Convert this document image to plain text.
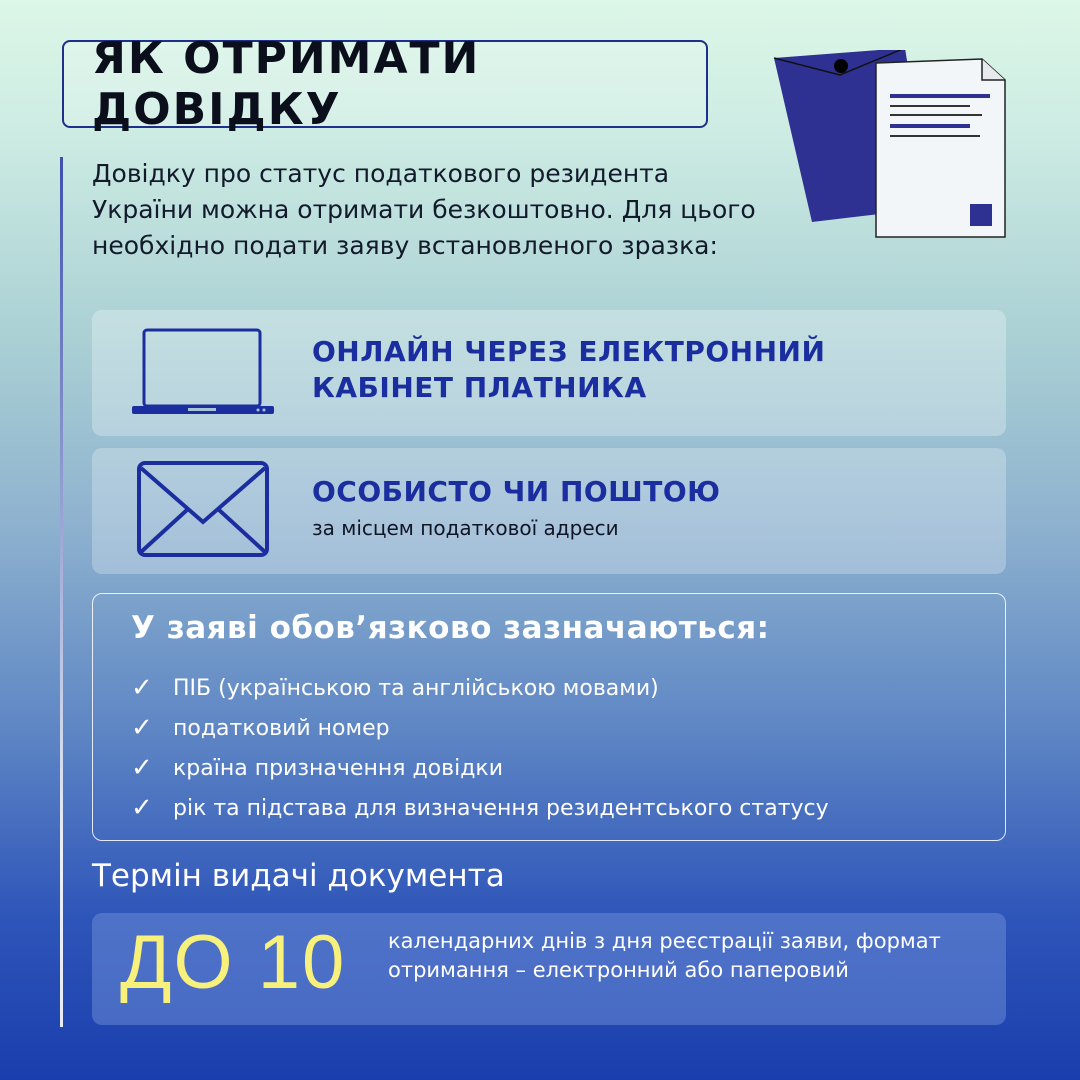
ЯК ОТРИМАТИ ДОВІДКУ
Довідку про статус податкового резидента України можна отримати безкоштовно. Для цього необхідно подати заяву встановленого зразка:
ОНЛАЙН ЧЕРЕЗ ЕЛЕКТРОННИЙ КАБІНЕТ ПЛАТНИКА
ОСОБИСТО ЧИ ПОШТОЮ
за місцем податкової адреси
У заяві обов’язково зазначаються:
✓ ПІБ (українською та англійською мовами)
✓ податковий номер
✓ країна призначення довідки
✓ рік та підстава для визначення резидентського статусу
Термін видачі документа
ДО 10 календарних днів з дня реєстрації заяви, формат отримання – електронний або паперовий
